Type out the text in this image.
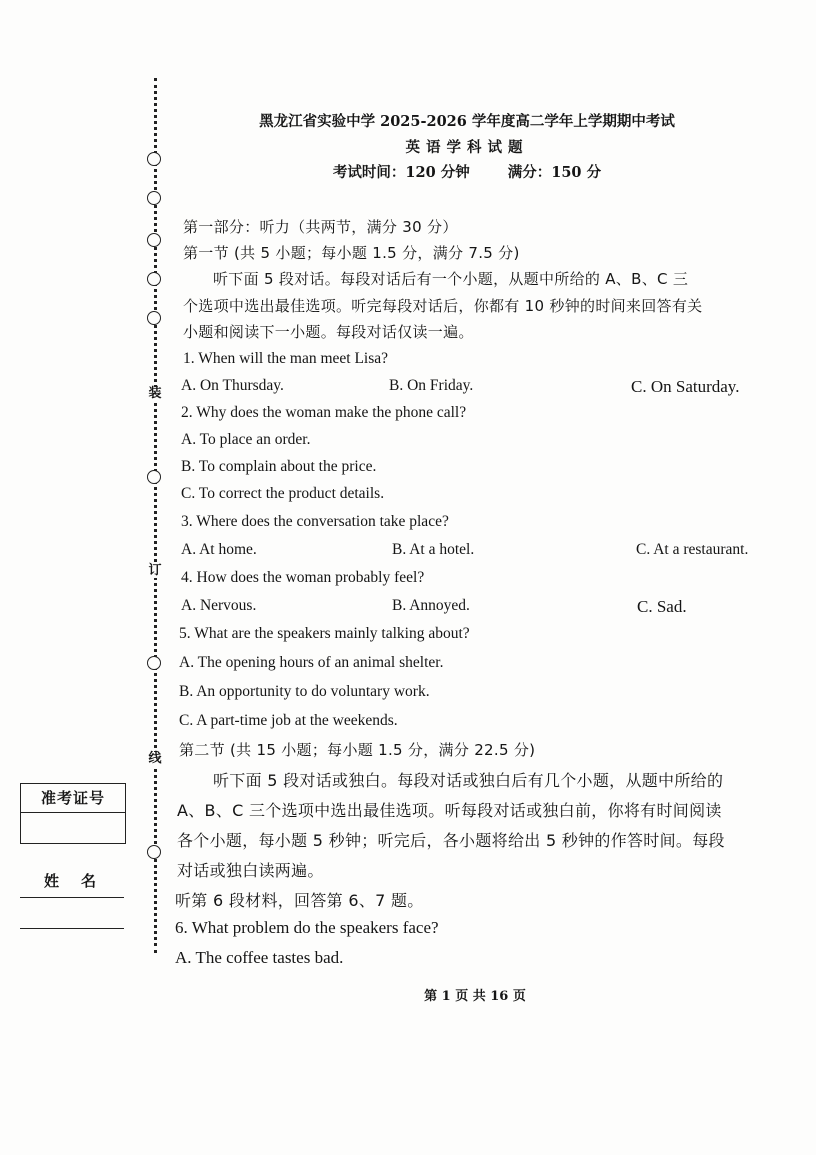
装
订
线
准考证号
姓名
黑龙江省实验中学 2025-2026 学年度高二学年上学期期中考试
英语学科试题
考试时间：120 分钟	满分：150 分
第一部分：听力（共两节，满分 30 分）
第一节 (共 5 小题；每小题 1.5 分，满分 7.5 分)
听下面 5 段对话。每段对话后有一个小题，从题中所给的 A、B、C 三
个选项中选出最佳选项。听完每段对话后，你都有 10 秒钟的时间来回答有关
小题和阅读下一小题。每段对话仅读一遍。
1. When will the man meet Lisa?
A. On Thursday.	B. On Friday.	C. On Saturday.
2. Why does the woman make the phone call?
A. To place an order.
B. To complain about the price.
C. To correct the product details.
3. Where does the conversation take place?
A. At home.	B. At a hotel.	C. At a restaurant.
4. How does the woman probably feel?
A. Nervous.	B. Annoyed.	C. Sad.
5. What are the speakers mainly talking about?
A. The opening hours of an animal shelter.
B. An opportunity to do voluntary work.
C. A part-time job at the weekends.
第二节 (共 15 小题；每小题 1.5 分，满分 22.5 分)
听下面 5 段对话或独白。每段对话或独白后有几个小题，从题中所给的
A、B、C 三个选项中选出最佳选项。听每段对话或独白前，你将有时间阅读
各个小题，每小题 5 秒钟；听完后，各小题将给出 5 秒钟的作答时间。每段
对话或独白读两遍。
听第 6 段材料，回答第 6、7 题。
6. What problem do the speakers face?
A. The coffee tastes bad.
第 1 页 共 16 页
